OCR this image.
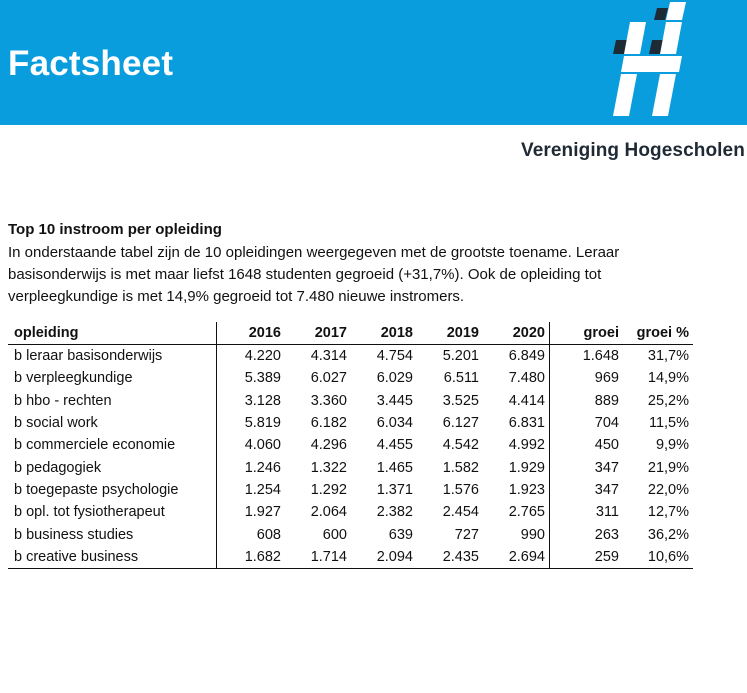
Factsheet
Vereniging Hogescholen
Top 10 instroom per opleiding
In onderstaande tabel zijn de 10 opleidingen weergegeven met de grootste toename. Leraar basisonderwijs is met maar liefst 1648 studenten gegroeid (+31,7%). Ook de opleiding tot verpleegkundige is met 14,9% gegroeid tot 7.480 nieuwe instromers.
opleiding	2016	2017	2018	2019	2020	groei	groei %
b leraar basisonderwijs	4.220	4.314	4.754	5.201	6.849	1.648	31,7%
b verpleegkundige	5.389	6.027	6.029	6.511	7.480	969	14,9%
b hbo - rechten	3.128	3.360	3.445	3.525	4.414	889	25,2%
b social work	5.819	6.182	6.034	6.127	6.831	704	11,5%
b commerciele economie	4.060	4.296	4.455	4.542	4.992	450	9,9%
b pedagogiek	1.246	1.322	1.465	1.582	1.929	347	21,9%
b toegepaste psychologie	1.254	1.292	1.371	1.576	1.923	347	22,0%
b opl. tot fysiotherapeut	1.927	2.064	2.382	2.454	2.765	311	12,7%
b business studies	608	600	639	727	990	263	36,2%
b creative business	1.682	1.714	2.094	2.435	2.694	259	10,6%
